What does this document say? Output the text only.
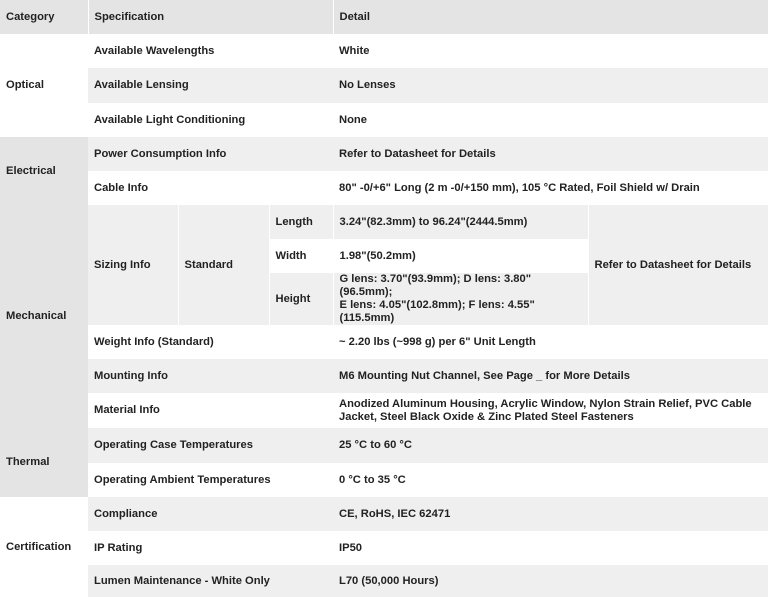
Category	Specification			Detail	
Optical	Available Wavelengths			White	
	Available Lensing			No Lenses	
	Available Light Conditioning			None	
Electrical	Power Consumption Info			Refer to Datasheet for Details	
	Cable Info			80" -0/+6" Long (2 m -0/+150 mm), 105 °C Rated, Foil Shield w/ Drain	
Mechanical	Sizing Info	Standard	Length	3.24"(82.3mm) to 96.24"(2444.5mm)	Refer to Datasheet for Details
			Width	1.98"(50.2mm)	
			Height	G lens: 3.70"(93.9mm); D lens: 3.80"(96.5mm);
E lens: 4.05"(102.8mm); F lens: 4.55"(115.5mm)	

	Weight Info (Standard)			~ 2.20 lbs (~998 g) per 6" Unit Length	
	Mounting Info			M6 Mounting Nut Channel, See Page _ for More Details	
	Material Info			Anodized Aluminum Housing, Acrylic Window, Nylon Strain Relief, PVC Cable
Jacket, Steel Black Oxide & Zinc Plated Steel Fasteners	

Thermal	Operating Case Temperatures			25 °C to 60 °C	
	Operating Ambient Temperatures			0 °C to 35 °C	
Certification	Compliance			CE, RoHS, IEC 62471	
	IP Rating			IP50	
	Lumen Maintenance - White Only			L70 (50,000 Hours)	
